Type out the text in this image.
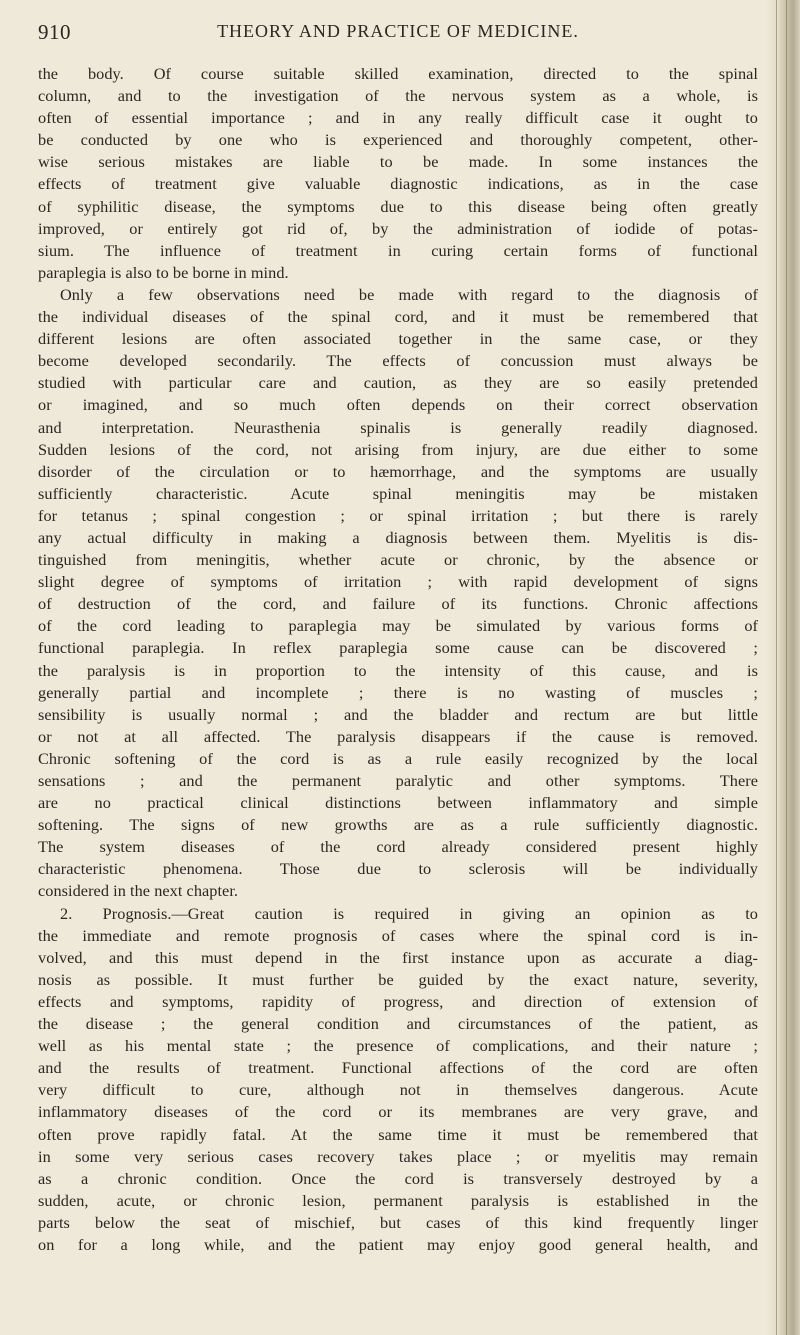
910	THEORY AND PRACTICE OF MEDICINE.

the body. Of course suitable skilled examination, directed to the spinal

column, and to the investigation of the nervous system as a whole, is

often of essential importance ; and in any really difficult case it ought to

be conducted by one who is experienced and thoroughly competent, other-

wise serious mistakes are liable to be made. In some instances the

effects of treatment give valuable diagnostic indications, as in the case

of syphilitic disease, the symptoms due to this disease being often greatly

improved, or entirely got rid of, by the administration of iodide of potas-

sium. The influence of treatment in curing certain forms of functional

paraplegia is also to be borne in mind.

Only a few observations need be made with regard to the diagnosis of

the individual diseases of the spinal cord, and it must be remembered that

different lesions are often associated together in the same case, or they

become developed secondarily. The effects of concussion must always be

studied with particular care and caution, as they are so easily pretended

or imagined, and so much often depends on their correct observation

and interpretation. Neurasthenia spinalis is generally readily diagnosed.

Sudden lesions of the cord, not arising from injury, are due either to some

disorder of the circulation or to hæmorrhage, and the symptoms are usually

sufficiently characteristic. Acute spinal meningitis may be mistaken

for tetanus ; spinal congestion ; or spinal irritation ; but there is rarely

any actual difficulty in making a diagnosis between them. Myelitis is dis-

tinguished from meningitis, whether acute or chronic, by the absence or

slight degree of symptoms of irritation ; with rapid development of signs

of destruction of the cord, and failure of its functions. Chronic affections

of the cord leading to paraplegia may be simulated by various forms of

functional paraplegia. In reflex paraplegia some cause can be discovered ;

the paralysis is in proportion to the intensity of this cause, and is

generally partial and incomplete ; there is no wasting of muscles ;

sensibility is usually normal ; and the bladder and rectum are but little

or not at all affected. The paralysis disappears if the cause is removed.

Chronic softening of the cord is as a rule easily recognized by the local

sensations ; and the permanent paralytic and other symptoms. There

are no practical clinical distinctions between inflammatory and simple

softening. The signs of new growths are as a rule sufficiently diagnostic.

The system diseases of the cord already considered present highly

characteristic phenomena. Those due to sclerosis will be individually

considered in the next chapter.

2. Prognosis.—Great caution is required in giving an opinion as to

the immediate and remote prognosis of cases where the spinal cord is in-

volved, and this must depend in the first instance upon as accurate a diag-

nosis as possible. It must further be guided by the exact nature, severity,

effects and symptoms, rapidity of progress, and direction of extension of

the disease ; the general condition and circumstances of the patient, as

well as his mental state ; the presence of complications, and their nature ;

and the results of treatment. Functional affections of the cord are often

very difficult to cure, although not in themselves dangerous. Acute

inflammatory diseases of the cord or its membranes are very grave, and

often prove rapidly fatal. At the same time it must be remembered that

in some very serious cases recovery takes place ; or myelitis may remain

as a chronic condition. Once the cord is transversely destroyed by a

sudden, acute, or chronic lesion, permanent paralysis is established in the

parts below the seat of mischief, but cases of this kind frequently linger

on for a long while, and the patient may enjoy good general health, and
